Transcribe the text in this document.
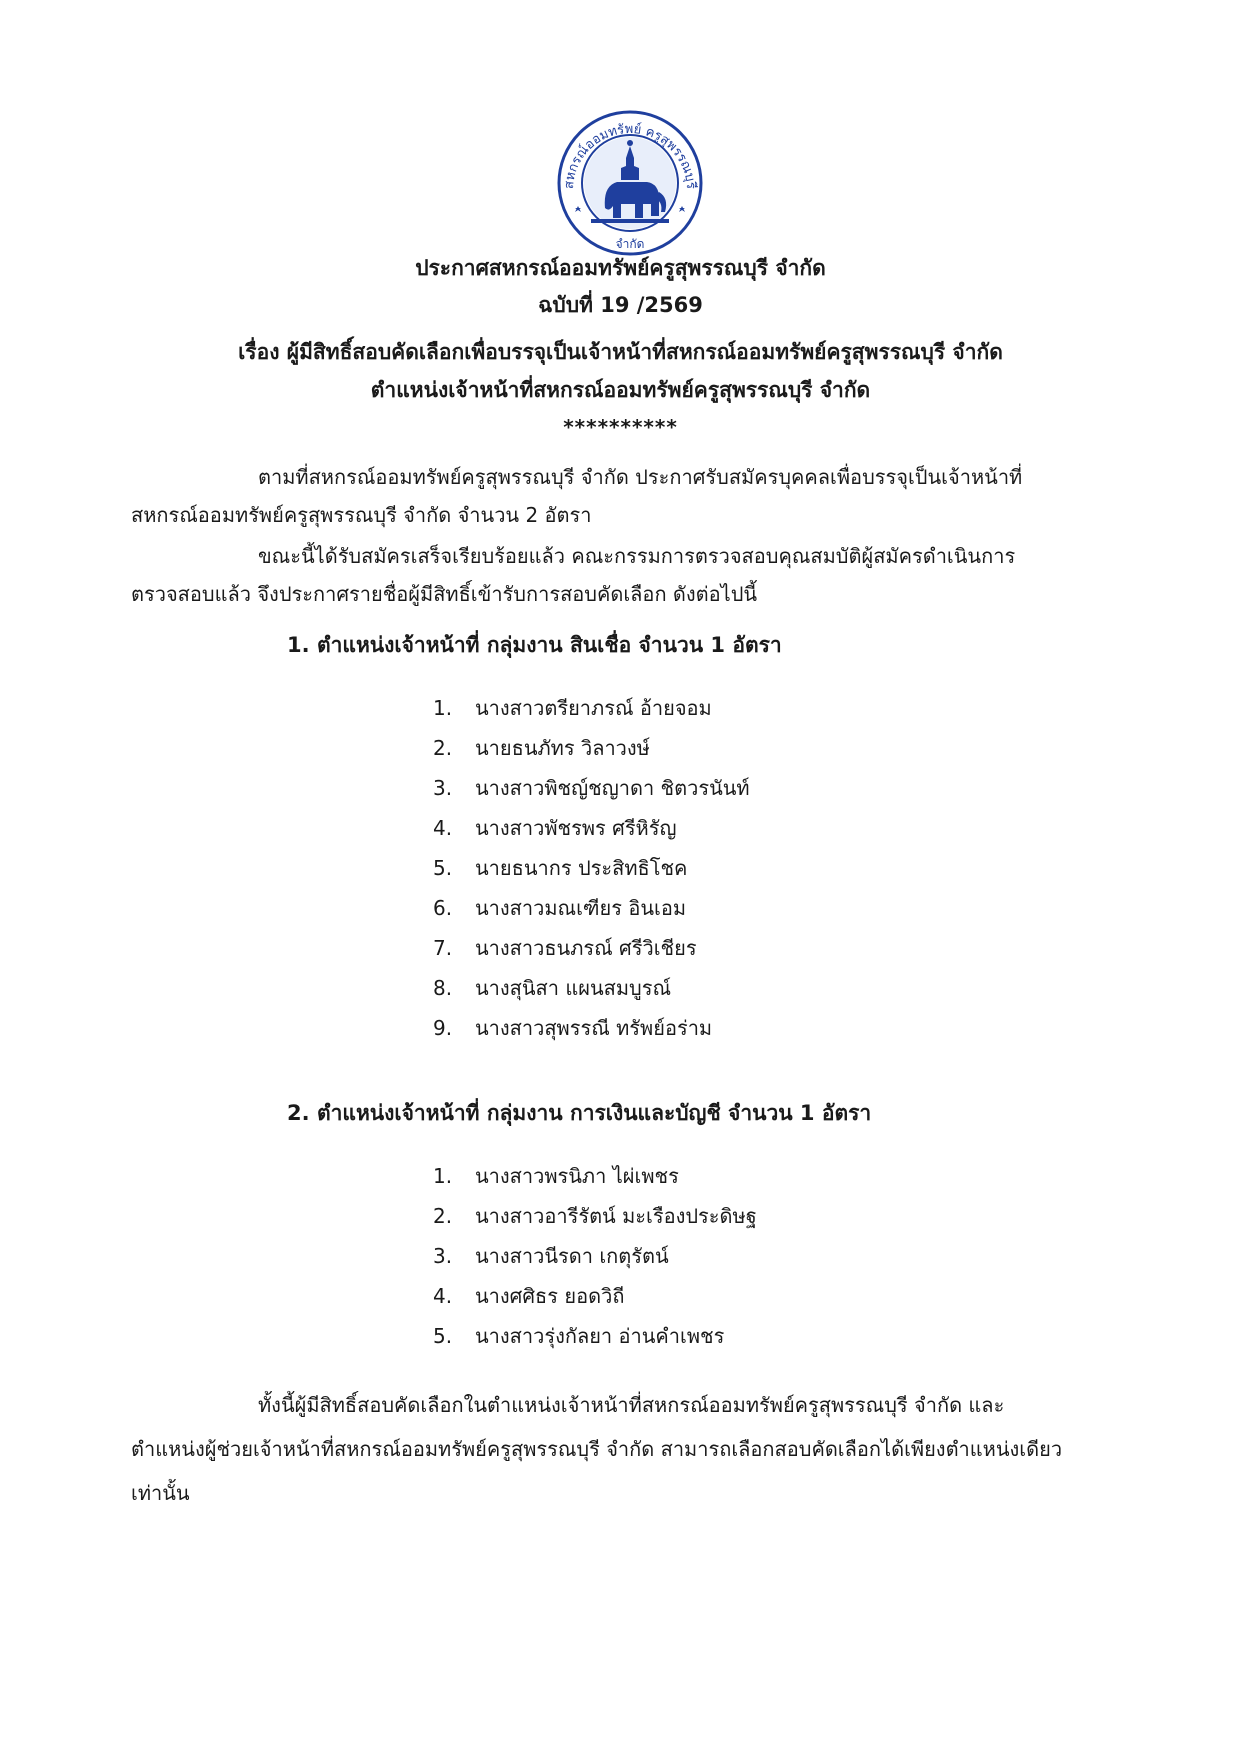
สหกรณ์ออมทรัพย์ ครูสุพรรณบุรี
จำกัด
ประกาศสหกรณ์ออมทรัพย์ครูสุพรรณบุรี จำกัด
ฉบับที่ 19 /2569
เรื่อง ผู้มีสิทธิ์สอบคัดเลือกเพื่อบรรจุเป็นเจ้าหน้าที่สหกรณ์ออมทรัพย์ครูสุพรรณบุรี จำกัด
ตำแหน่งเจ้าหน้าที่สหกรณ์ออมทรัพย์ครูสุพรรณบุรี จำกัด
**********
ตามที่สหกรณ์ออมทรัพย์ครูสุพรรณบุรี จำกัด ประกาศรับสมัครบุคคลเพื่อบรรจุเป็นเจ้าหน้าที่
สหกรณ์ออมทรัพย์ครูสุพรรณบุรี จำกัด จำนวน 2 อัตรา
ขณะนี้ได้รับสมัครเสร็จเรียบร้อยแล้ว คณะกรรมการตรวจสอบคุณสมบัติผู้สมัครดำเนินการ
ตรวจสอบแล้ว จึงประกาศรายชื่อผู้มีสิทธิ์เข้ารับการสอบคัดเลือก ดังต่อไปนี้
1. ตำแหน่งเจ้าหน้าที่ กลุ่มงาน สินเชื่อ จำนวน 1 อัตรา
1. นางสาวตรียาภรณ์ อ้ายจอม
2. นายธนภัทร วิลาวงษ์
3. นางสาวพิชญ์ชญาดา ชิตวรนันท์
4. นางสาวพัชรพร ศรีหิรัญ
5. นายธนากร ประสิทธิโชค
6. นางสาวมณเฑียร อินเอม
7. นางสาวธนภรณ์ ศรีวิเชียร
8. นางสุนิสา แผนสมบูรณ์
9. นางสาวสุพรรณี ทรัพย์อร่าม
2. ตำแหน่งเจ้าหน้าที่ กลุ่มงาน การเงินและบัญชี จำนวน 1 อัตรา
1. นางสาวพรนิภา ไผ่เพชร
2. นางสาวอารีรัตน์ มะเรืองประดิษฐ
3. นางสาวนีรดา เกตุรัตน์
4. นางศศิธร ยอดวิถี
5. นางสาวรุ่งกัลยา อ่านคำเพชร
ทั้งนี้ผู้มีสิทธิ์สอบคัดเลือกในตำแหน่งเจ้าหน้าที่สหกรณ์ออมทรัพย์ครูสุพรรณบุรี จำกัด และ
ตำแหน่งผู้ช่วยเจ้าหน้าที่สหกรณ์ออมทรัพย์ครูสุพรรณบุรี จำกัด สามารถเลือกสอบคัดเลือกได้เพียงตำแหน่งเดียว
เท่านั้น
